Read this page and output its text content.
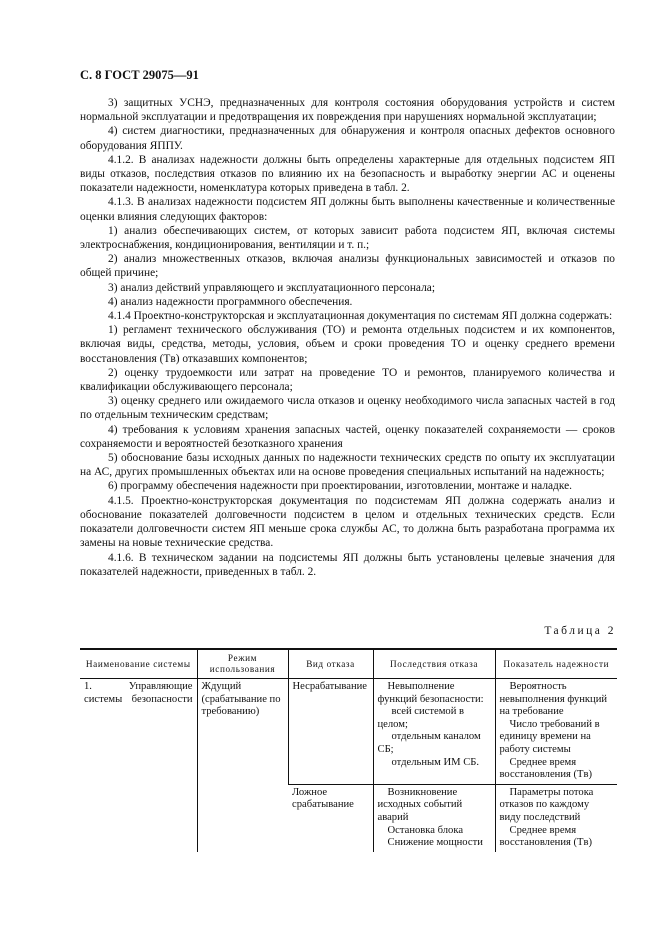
С. 8 ГОСТ 29075—91

3) защитных УСНЭ, предназначенных для контроля состояния оборудования устройств и систем нормальной эксплуатации и предотвращения их повреждения при нарушениях нормальной эксплуатации;

4) систем диагностики, предназначенных для обнаружения и контроля опасных дефектов основного оборудования ЯППУ.

4.1.2. В анализах надежности должны быть определены характерные для отдельных подсистем ЯП виды отказов, последствия отказов по влиянию их на безопасность и выработку энергии АС и оценены показатели надежности, номенклатура которых приведена в табл. 2.

4.1.3. В анализах надежности подсистем ЯП должны быть выполнены качественные и количественные оценки влияния следующих факторов:

1) анализ обеспечивающих систем, от которых зависит работа подсистем ЯП, включая системы электроснабжения, кондиционирования, вентиляции и т. п.;

2) анализ множественных отказов, включая анализы функциональных зависимостей и отказов по общей причине;

3) анализ действий управляющего и эксплуатационного персонала;

4) анализ надежности программного обеспечения.

4.1.4 Проектно-конструкторская и эксплуатационная документация по системам ЯП должна содержать:

1) регламент технического обслуживания (ТО) и ремонта отдельных подсистем и их компонентов, включая виды, средства, методы, условия, объем и сроки проведения ТО и оценку среднего времени восстановления (Tв) отказавших компонентов;

2) оценку трудоемкости или затрат на проведение ТО и ремонтов, планируемого количества и квалификации обслуживающего персонала;

3) оценку среднего или ожидаемого числа отказов и оценку необходимого числа запасных частей в год по отдельным техническим средствам;

4) требования к условиям хранения запасных частей, оценку показателей сохраняемости — сроков сохраняемости и вероятностей безотказного хранения

5) обоснование базы исходных данных по надежности технических средств по опыту их эксплуатации на АС, других промышленных объектах или на основе проведения специальных испытаний на надежность;

6) программу обеспечения надежности при проектировании, изготовлении, монтаже и наладке.

4.1.5. Проектно-конструкторская документация по подсистемам ЯП должна содержать анализ и обоснование показателей долговечности подсистем в целом и отдельных технических средств. Если показатели долговечности систем ЯП меньше срока службы АС, то должна быть разработана программа их замены на новые технические средства.

4.1.6. В техническом задании на подсистемы ЯП должны быть установлены целевые значения для показателей надежности, приведенных в табл. 2.

Таблица 2
Наименование системы	Режим использования	Вид отказа	Последствия отказа	Показатель надежности

1. Управляющие системы безопасности	Ждущий (срабатывание по требованию)	Несрабатывание	Невыполнение функций безопасности:
всей системой в целом;
отдельным каналом СБ;
отдельным ИМ СБ.	Вероятность невыполнения функций на требование
Число требований в единицу времени на работу системы
Среднее время восстановления (Tв)

		Ложное срабатывание	Возникновение исходных событий аварий
Остановка блока
Снижение мощности	Параметры потока отказов по каждому виду последствий
Среднее время восстановления (Tв)
